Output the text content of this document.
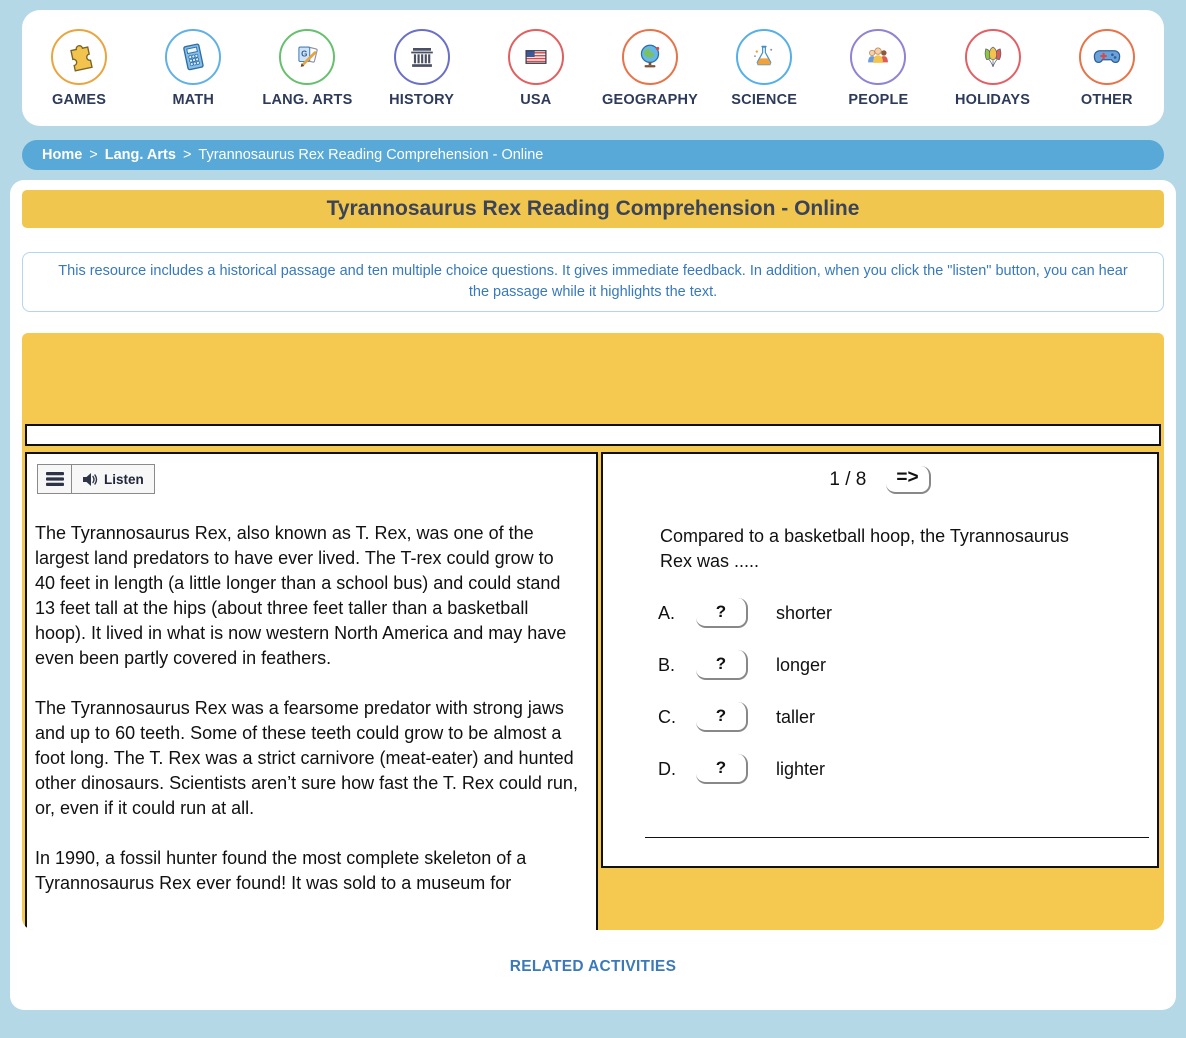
GAMES	MATH
G
LANG. ARTS	HISTORY	USA	GEOGRAPHY SCIENCE	PEOPLE	HOLIDAYS	OTHER
Home > Lang. Arts > Tyrannosaurus Rex Reading Comprehension - Online
Tyrannosaurus Rex Reading Comprehension - Online
This resource includes a historical passage and ten multiple choice questions. It gives immediate feedback. In addition, when you click the "listen" button, you can hear the passage while it highlights the text.
Listen

The Tyrannosaurus Rex, also known as T. Rex, was one of the largest land predators to have ever lived. The T-rex could grow to 40 feet in length (a little longer than a school bus) and could stand 13 feet tall at the hips (about three feet taller than a basketball hoop). It lived in what is now western North America and may have even been partly covered in feathers.

The Tyrannosaurus Rex was a fearsome predator with strong jaws and up to 60 teeth. Some of these teeth could grow to be almost a foot long. The T. Rex was a strict carnivore (meat-eater) and hunted other dinosaurs. Scientists aren’t sure how fast the T. Rex could run, or, even if it could run at all.

In 1990, a fossil hunter found the most complete skeleton of a Tyrannosaurus Rex ever found! It was sold to a museum for

1 / 8	=>
Compared to a basketball hoop, the Tyrannosaurus Rex was .....
A.	?	shorter
B.	?	longer
C.	?	taller
D.	?	lighter
RELATED ACTIVITIES
